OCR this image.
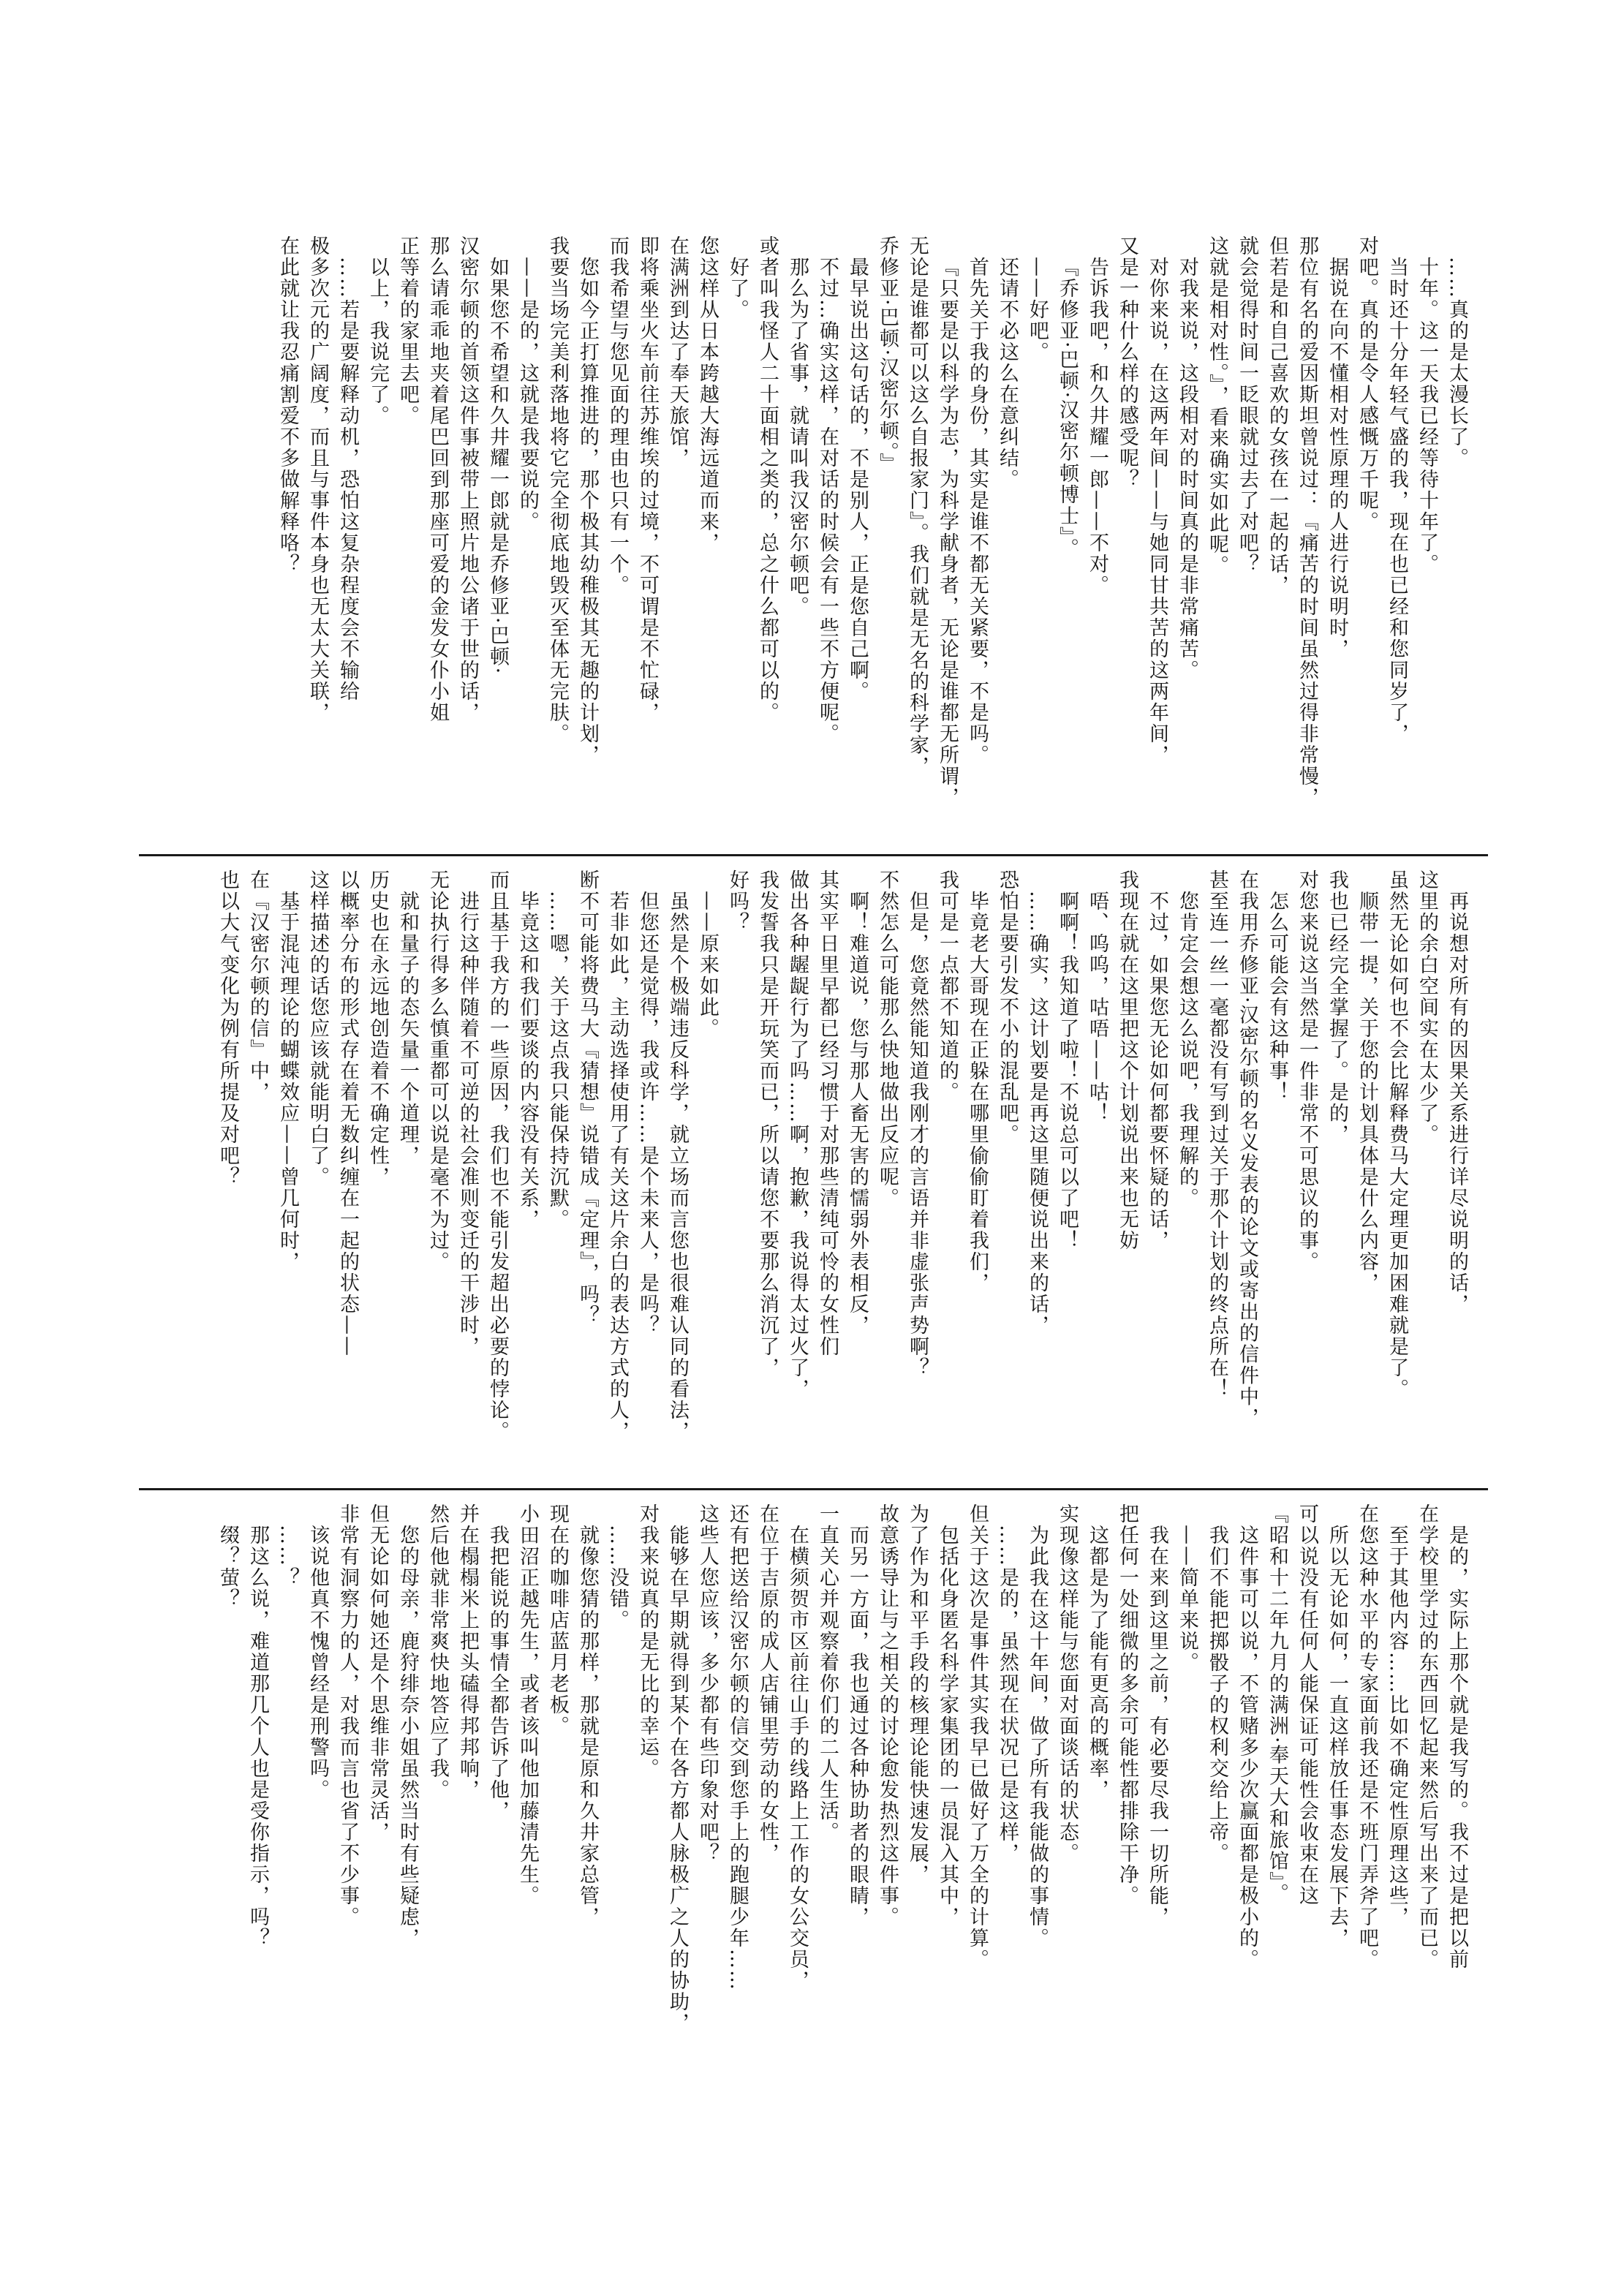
……真的是太漫长了。

十年。这一天我已经等待十年了。

当时还十分年轻气盛的我，现在也已经和您同岁了，

对吧。真的是令人感慨万千呢。

据说在向不懂相对性原理的人进行说明时，

那位有名的爱因斯坦曾说过：『痛苦的时间虽然过得非常慢，

但若是和自己喜欢的女孩在一起的话，

就会觉得时间一眨眼就过去了对吧？

这就是相对性。』，看来确实如此呢。

对我来说，这段相对的时间真的是非常痛苦。

对你来说，在这两年间——与她同甘共苦的这两年间，

又是一种什么样的感受呢？

告诉我吧，和久井耀一郎——不对。

『乔修亚·巴顿·汉密尔顿博士』。

——好吧。

还请不必这么在意纠结。

首先关于我的身份，其实是谁不都无关紧要，不是吗。

『只要是以科学为志，为科学献身者，无论是谁都无所谓，

无论是谁都可以这么自报家门』。我们就是无名的科学家，

乔修亚·巴顿·汉密尔顿。』

最早说出这句话的，不是别人，正是您自己啊。

不过…确实这样，在对话的时候会有一些不方便呢。

那么为了省事，就请叫我汉密尔顿吧。

或者叫我怪人二十面相之类的，总之什么都可以的。

好了。

您这样从日本跨越大海远道而来，

在满洲到达了奉天旅馆，

即将乘坐火车前往苏维埃的过境，不可谓是不忙碌，

而我希望与您见面的理由也只有一个。

您如今正打算推进的，那个极其幼稚极其无趣的计划，

我要当场完美利落地将它完全彻底地毁灭至体无完肤。

——是的，这就是我要说的。

如果您不希望和久井耀一郎就是乔修亚·巴顿·

汉密尔顿的首领这件事被带上照片地公诸于世的话，

那么请乖乖地夹着尾巴回到那座可爱的金发女仆小姐

正等着的家里去吧。

以上，我说完了。

……若是要解释动机，恐怕这复杂程度会不输给

极多次元的广阔度，而且与事件本身也无太大关联，

在此就让我忍痛割爱不多做解释咯？

再说想对所有的因果关系进行详尽说明的话，

这里的余白空间实在太少了。

虽然无论如何也不会比解释费马大定理更加困难就是了。

顺带一提，关于您的计划具体是什么内容，

我也已经完全掌握了。是的，

对您来说这当然是一件非常不可思议的事。

怎么可能会有这种事！

在我用乔修亚·汉密尔顿的名义发表的论文或寄出的信件中，

甚至连一丝一毫都没有写到过关于那个计划的终点所在！

您肯定会想这么说吧，我理解的。

不过，如果您无论如何都要怀疑的话，

我现在就在这里把这个计划说出来也无妨

唔、呜呜，咕唔——咕！

啊啊！我知道了啦！不说总可以了吧！

……确实，这计划要是再这里随便说出来的话，

恐怕是要引发不小的混乱吧。

毕竟老大哥现在正躲在哪里偷偷盯着我们，

我可是一点都不知道的。

但是，您竟然能知道我刚才的言语并非虚张声势啊？

不然怎么可能那么快地做出反应呢。

啊！难道说，您与那人畜无害的懦弱外表相反，

其实平日里早都已经习惯于对那些清纯可怜的女性们

做出各种龌龊行为了吗……啊，抱歉，我说得太过火了，

我发誓我只是开玩笑而已，所以请您不要那么消沉了，

好吗？

——原来如此。

虽然是个极端违反科学，就立场而言您也很难认同的看法，

但您还是觉得，我或许……是个未来人，是吗？

若非如此，主动选择使用了有关这片余白的表达方式的人，

断不可能将费马大『猜想』说错成『定理』，吗？

……嗯，关于这点我只能保持沉默。

毕竟这和我们要谈的内容没有关系，

而且基于我方的一些原因，我们也不能引发超出必要的悖论。

进行这种伴随着不可逆的社会准则变迁的干涉时，

无论执行得多么慎重都可以说是毫不为过。

就和量子的态矢量一个道理，

历史也在永远地创造着不确定性，

以概率分布的形式存在着无数纠缠在一起的状态——

这样描述的话您应该就能明白了。

基于混沌理论的蝴蝶效应——曾几何时，

在『汉密尔顿的信』中，

也以大气变化为例有所提及对吧？

是的，实际上那个就是我写的。我不过是把以前

在学校里学过的东西回忆起来然后写出来了而已。

至于其他内容……比如不确定性原理这些，

在您这种水平的专家面前我还是不班门弄斧了吧。

所以无论如何，一直这样放任事态发展下去，

可以说没有任何人能保证可能性会收束在这

『昭和十二年九月的满洲·奉天大和旅馆』。

这件事可以说，不管赌多少次赢面都是极小的。

我们不能把掷骰子的权利交给上帝。

——简单来说。

我在来到这里之前，有必要尽我一切所能，

把任何一处细微的多余可能性都排除干净。

这都是为了能有更高的概率，

实现像这样能与您面对面谈话的状态。

为此我在这十年间，做了所有我能做的事情。

……是的，虽然现在状况已是这样，

但关于这次是事件其实我早已做好了万全的计算。

包括化身匿名科学家集团的一员混入其中，

为了作为和平手段的核理论能快速发展，

故意诱导让与之相关的讨论愈发热烈这件事。

而另一方面，我也通过各种协助者的眼睛，

一直关心并观察着你们的二人生活。

在横须贺市区前往山手的线路上工作的女公交员，

在位于吉原的成人店铺里劳动的女性，

还有把送给汉密尔顿的信交到您手上的跑腿少年……

这些人您应该，多少都有些印象对吧？

能够在早期就得到某个在各方都人脉极广之人的协助，

对我来说真的是无比的幸运。

……没错。

就像您猜的那样，那就是原和久井家总管，

现在的咖啡店蓝月老板。

小田沼正越先生，或者该叫他加藤清先生。

我把能说的事情全都告诉了他，

并在榻榻米上把头磕得邦邦响，

然后他就非常爽快地答应了我。

您的母亲，鹿狩绯奈小姐虽然当时有些疑虑，

但无论如何她还是个思维非常灵活，

非常有洞察力的人，对我而言也省了不少事。

该说他真不愧曾经是刑警吗。

……？

那这么说，难道那几个人也是受你指示，吗？

缀？萤？
